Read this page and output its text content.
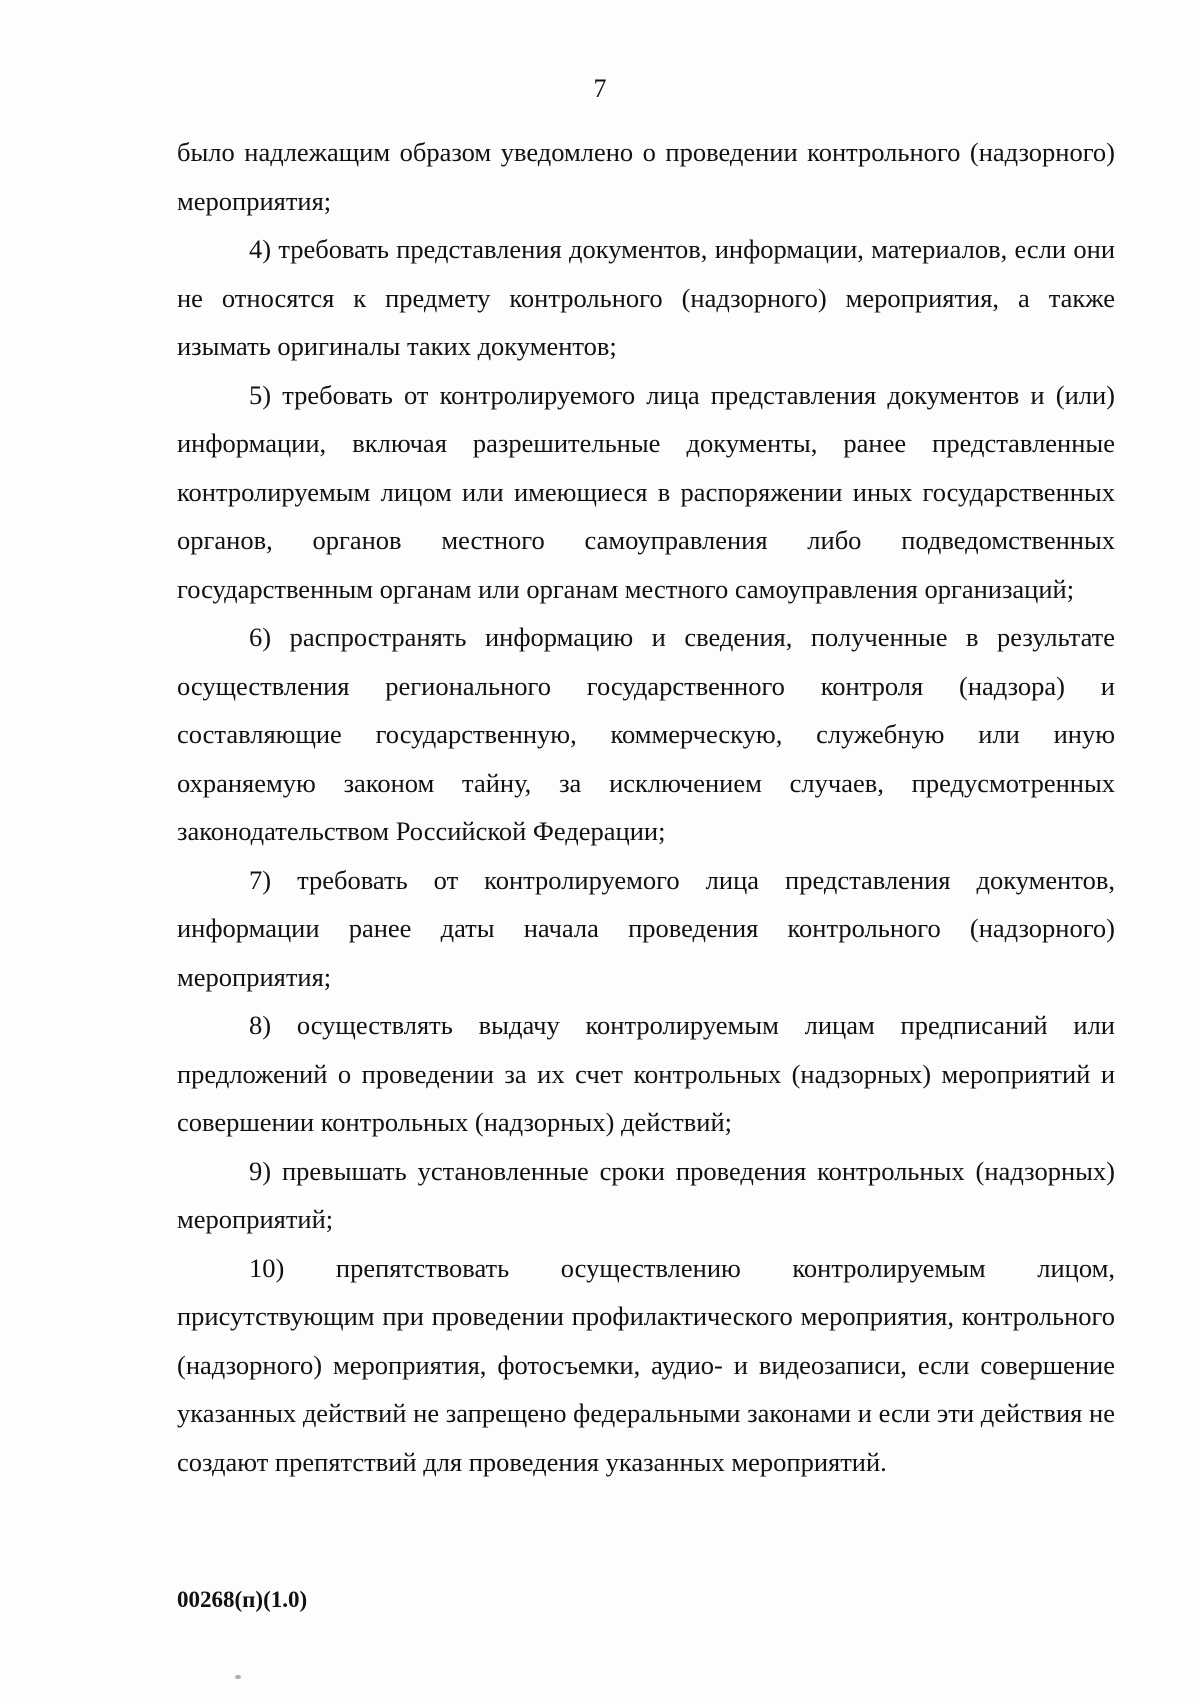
7

было надлежащим образом уведомлено о проведении контрольного (надзорного) мероприятия;

4) требовать представления документов, информации, материалов, если они не относятся к предмету контрольного (надзорного) мероприятия, а также изымать оригиналы таких документов;

5) требовать от контролируемого лица представления документов и (или) информации, включая разрешительные документы, ранее представленные контролируемым лицом или имеющиеся в распоряжении иных государственных органов, органов местного самоуправления либо подведомственных государственным органам или органам местного самоуправления организаций;

6) распространять информацию и сведения, полученные в результате осуществления регионального государственного контроля (надзора) и составляющие государственную, коммерческую, служебную или иную охраняемую законом тайну, за исключением случаев, предусмотренных законодательством Российской Федерации;

7) требовать от контролируемого лица представления документов, информации ранее даты начала проведения контрольного (надзорного) мероприятия;

8) осуществлять выдачу контролируемым лицам предписаний или предложений о проведении за их счет контрольных (надзорных) мероприятий и совершении контрольных (надзорных) действий;

9) превышать установленные сроки проведения контрольных (надзорных) мероприятий;

10) препятствовать осуществлению контролируемым лицом, присутствующим при проведении профилактического мероприятия, контрольного (надзорного) мероприятия, фотосъемки, аудио- и видеозаписи, если совершение указанных действий не запрещено федеральными законами и если эти действия не создают препятствий для проведения указанных мероприятий.

00268(п)(1.0)
